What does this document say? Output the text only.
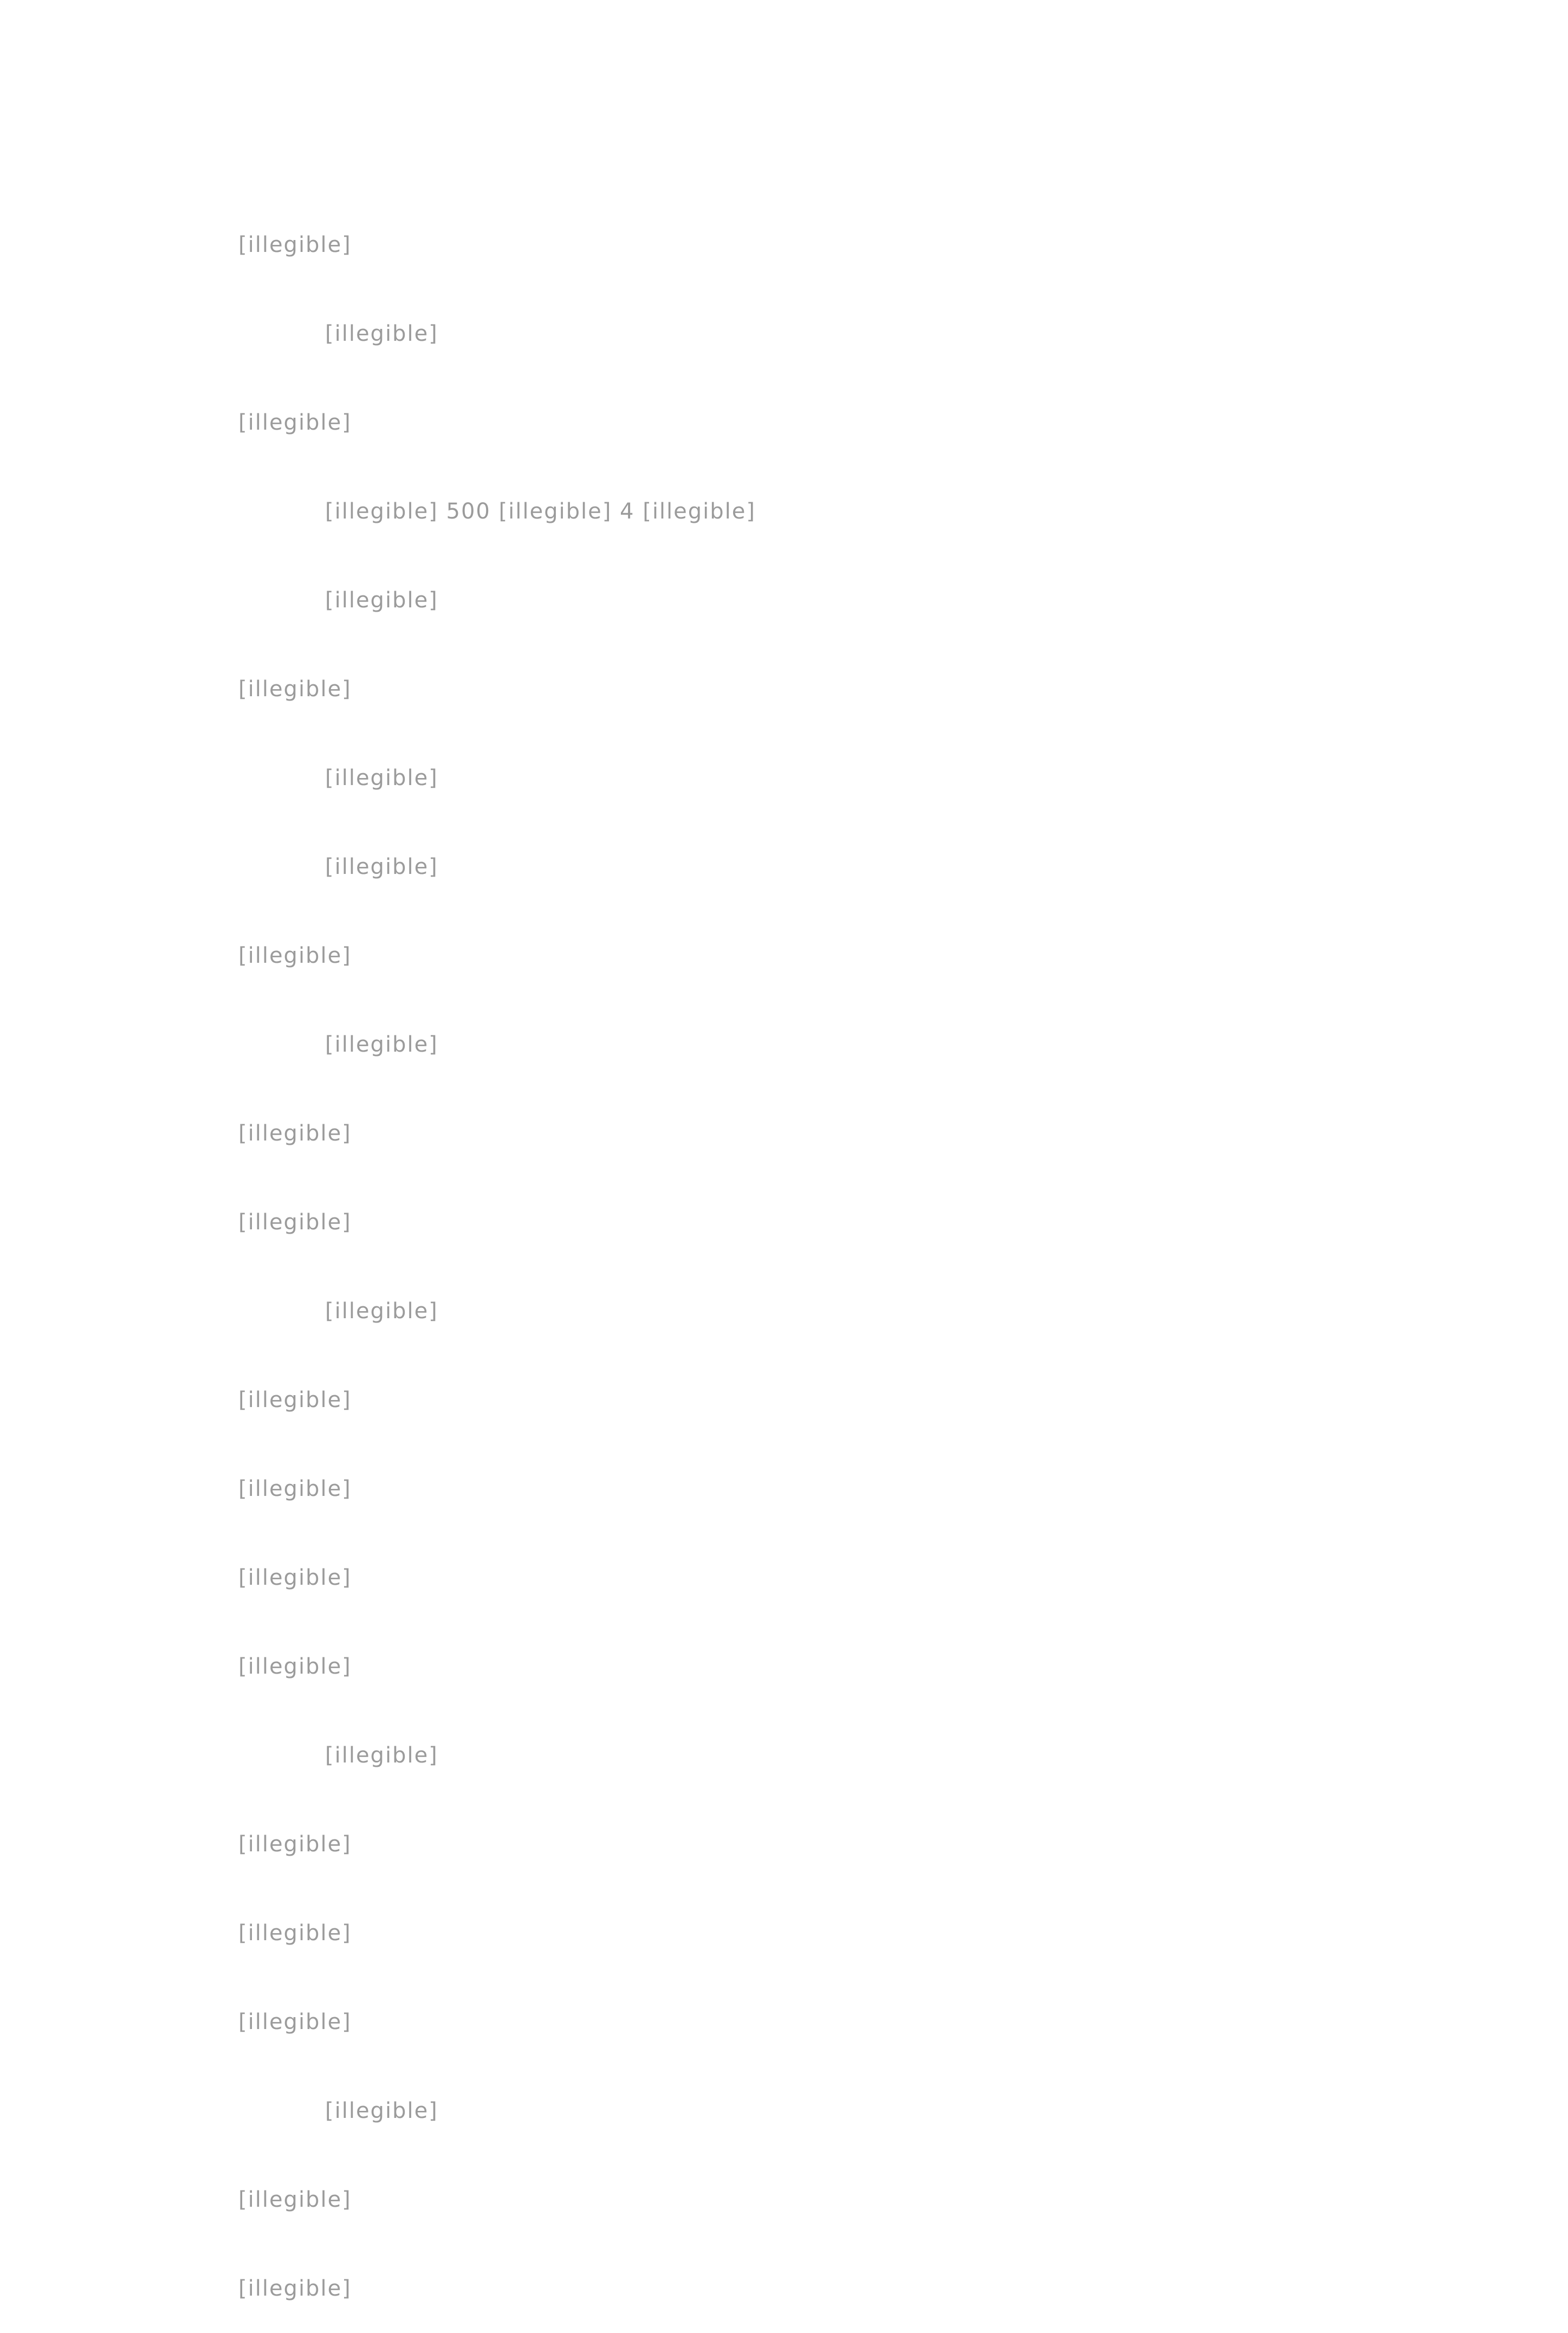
[illegible]
[illegible]
[illegible]
[illegible] 500 [illegible] 4 [illegible]
[illegible]
[illegible]
[illegible]
[illegible]
[illegible]
[illegible]
[illegible]
[illegible]
[illegible]
[illegible]
[illegible]
[illegible]
[illegible]
[illegible]
[illegible]
[illegible]
[illegible]
[illegible]
[illegible]
[illegible]
